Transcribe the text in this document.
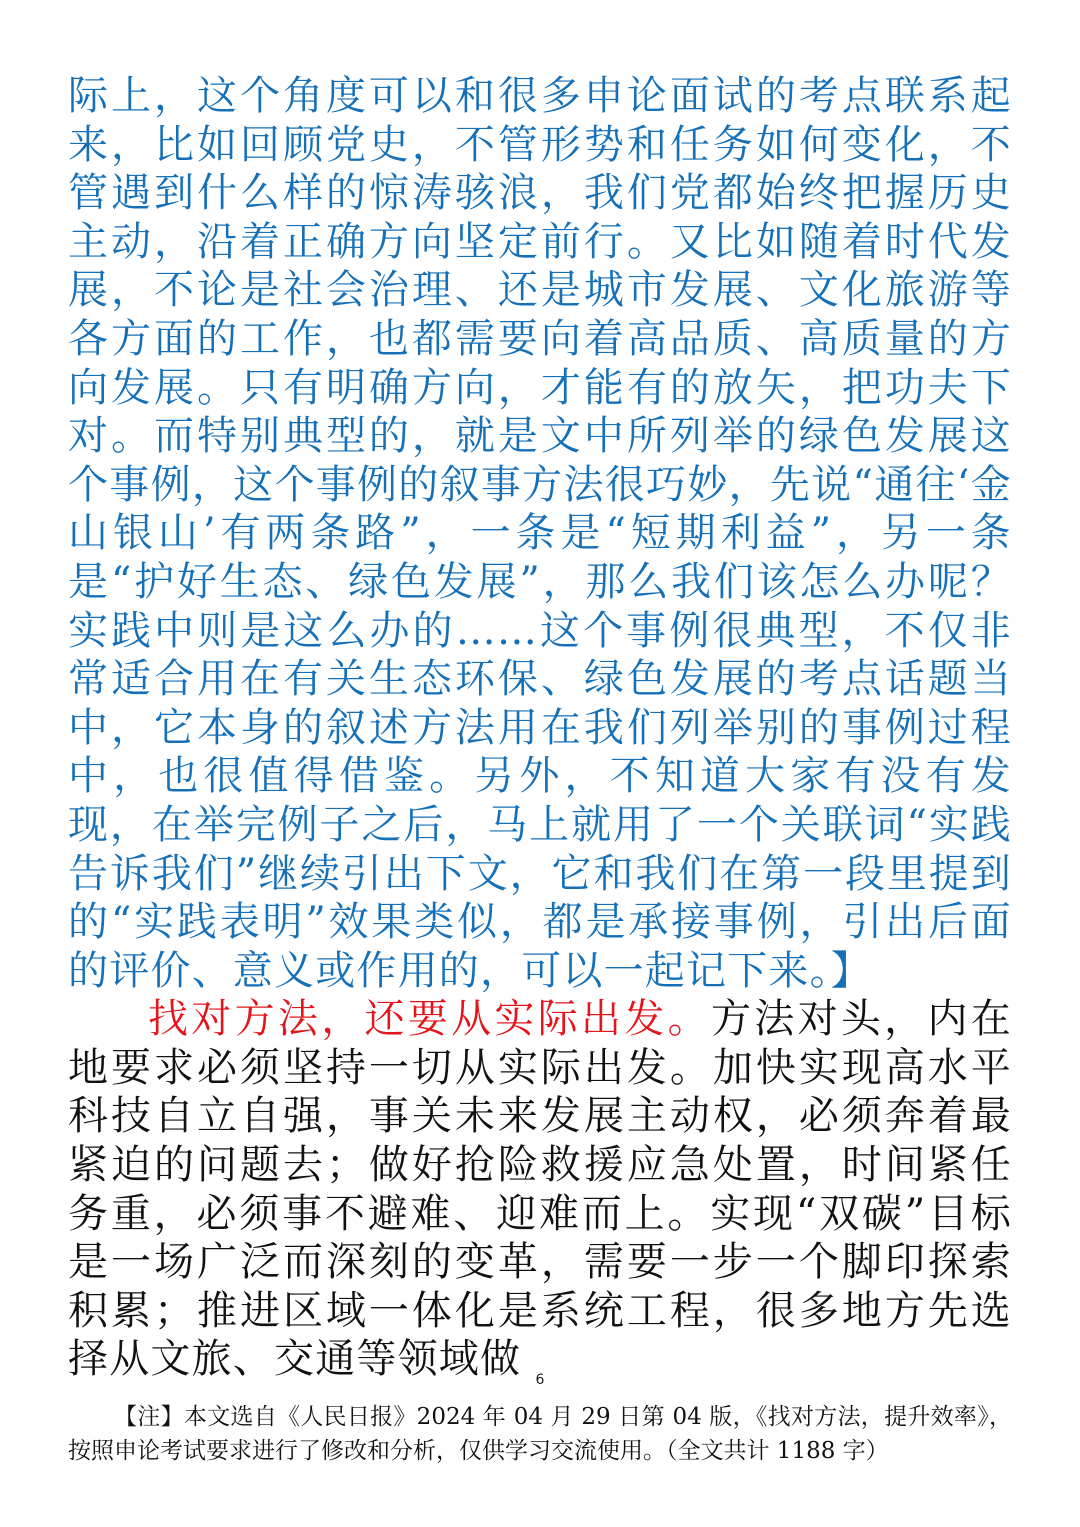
际上，这个角度可以和很多申论面试的考点联系起来，比如回顾党史，不管形势和任务如何变化，不管遇到什么样的惊涛骇浪，我们党都始终把握历史主动，沿着正确方向坚定前行。又比如随着时代发展，不论是社会治理、还是城市发展、文化旅游等各方面的工作，也都需要向着高品质、高质量的方向发展。只有明确方向，才能有的放矢，把功夫下对。而特别典型的，就是文中所列举的绿色发展这个事例，这个事例的叙事方法很巧妙，先说“通往‘金山银山’有两条路”，一条是“短期利益”，另一条是“护好生态、绿色发展”，那么我们该怎么办呢？实践中则是这么办的……这个事例很典型，不仅非常适合用在有关生态环保、绿色发展的考点话题当中，它本身的叙述方法用在我们列举别的事例过程中，也很值得借鉴。另外，不知道大家有没有发现，在举完例子之后，马上就用了一个关联词“实践告诉我们”继续引出下文，它和我们在第一段里提到的“实践表明”效果类似，都是承接事例，引出后面的评价、意义或作用的，可以一起记下来。】

找对方法，还要从实际出发。方法对头，内在地要求必须坚持一切从实际出发。加快实现高水平科技自立自强，事关未来发展主动权，必须奔着最紧迫的问题去；做好抢险救援应急处置，时间紧任务重，必须事不避难、迎难而上。实现“双碳”目标是一场广泛而深刻的变革，需要一步一个脚印探索积累；推进区域一体化是系统工程，很多地方先选择从文旅、交通等领域做	6

【注】本文选自《人民日报》2024 年 04 月 29 日第 04 版，《找对方法，提升效率》，按照申论考试要求进行了修改和分析，仅供学习交流使用。（全文共计 1188 字）
